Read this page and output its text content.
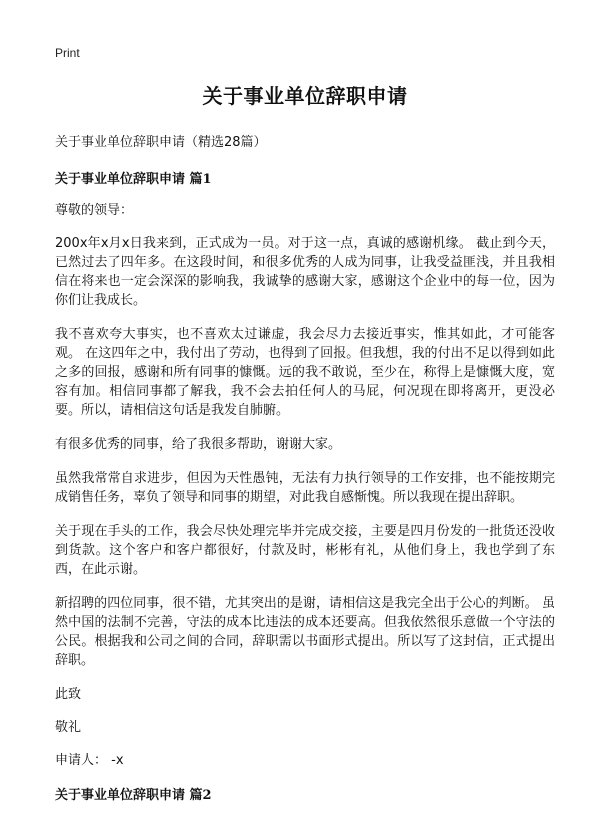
Print
关于事业单位辞职申请

关于事业单位辞职申请（精选28篇）

关于事业单位辞职申请 篇1

尊敬的领导：

200x年x月x日我来到，正式成为一员。对于这一点，真诚的感谢机缘。 截止到今天，已然过去了四年多。在这段时间，和很多优秀的人成为同事，让我受益匪浅，并且我相信在将来也一定会深深的影响我，我诚挚的感谢大家，感谢这个企业中的每一位，因为你们让我成长。

我不喜欢夸大事实，也不喜欢太过谦虚，我会尽力去接近事实，惟其如此，才可能客观。 在这四年之中，我付出了劳动，也得到了回报。但我想，我的付出不足以得到如此之多的回报，感谢和所有同事的慷慨。远的我不敢说，至少在，称得上是慷慨大度，宽容有加。相信同事都了解我，我不会去拍任何人的马屁，何况现在即将离开，更没必要。所以，请相信这句话是我发自肺腑。

有很多优秀的同事，给了我很多帮助，谢谢大家。

虽然我常常自求进步，但因为天性愚钝，无法有力执行领导的工作安排，也不能按期完成销售任务，辜负了领导和同事的期望，对此我自感惭愧。所以我现在提出辞职。

关于现在手头的工作，我会尽快处理完毕并完成交接，主要是四月份发的一批货还没收到货款。这个客户和客户都很好，付款及时，彬彬有礼，从他们身上，我也学到了东西，在此示谢。

新招聘的四位同事，很不错，尤其突出的是谢，请相信这是我完全出于公心的判断。 虽然中国的法制不完善，守法的成本比违法的成本还要高。但我依然很乐意做一个守法的公民。根据我和公司之间的合同，辞职需以书面形式提出。所以写了这封信，正式提出辞职。

此致

敬礼

申请人： -x

关于事业单位辞职申请 篇2
